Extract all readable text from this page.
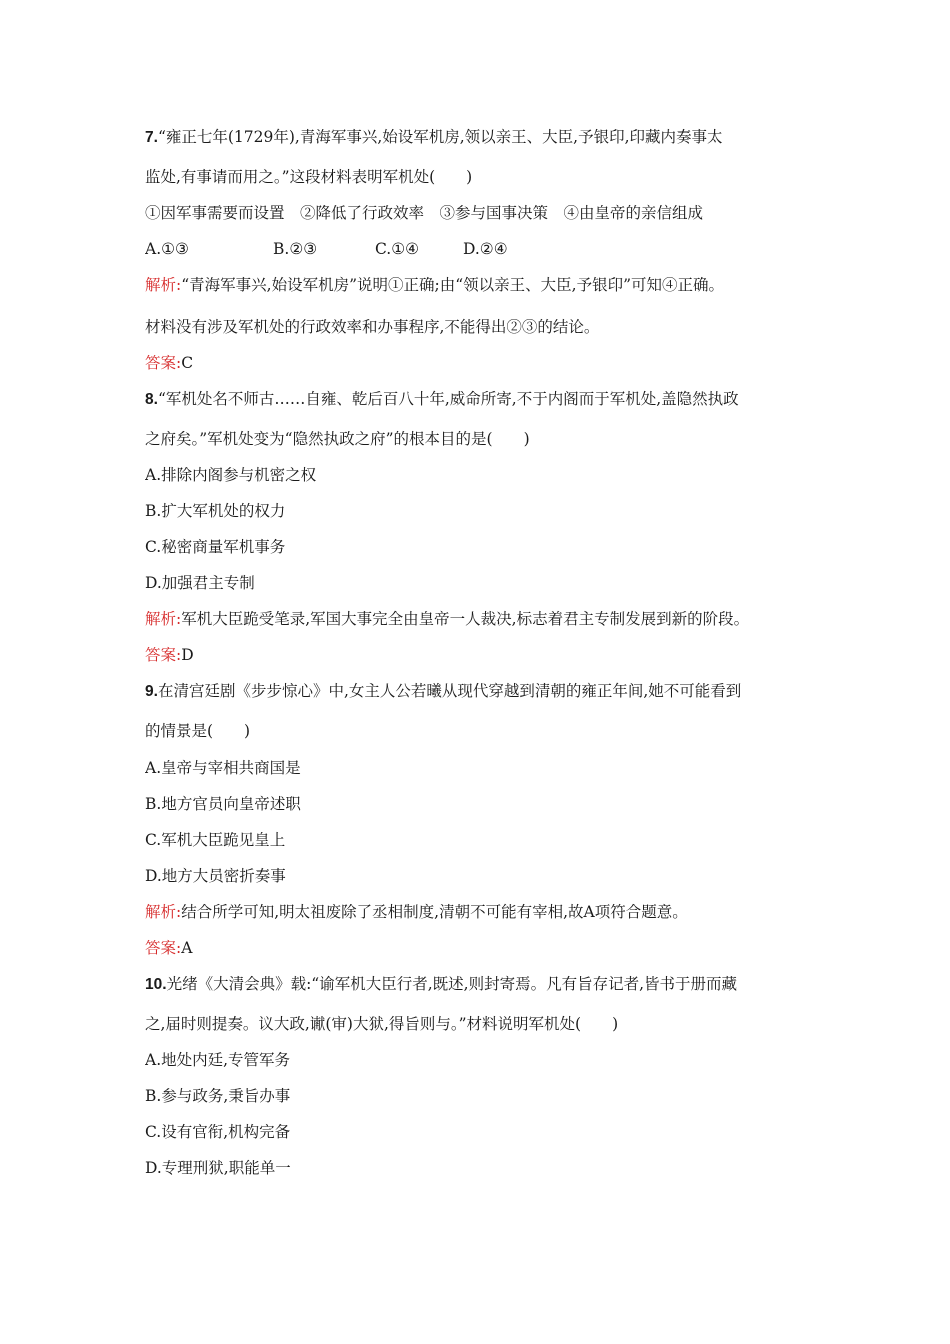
7.“雍正七年(1729年),青海军事兴,始设军机房,领以亲王、大臣,予银印,印藏内奏事太
监处,有事请而用之。”这段材料表明军机处(　　)
①因军事需要而设置　②降低了行政效率　③参与国事决策　④由皇帝的亲信组成
A.①③	B.②③	C.①④	D.②④
解析:“青海军事兴,始设军机房”说明①正确;由“领以亲王、大臣,予银印”可知④正确。
材料没有涉及军机处的行政效率和办事程序,不能得出②③的结论。
答案:C
8.“军机处名不师古……自雍、乾后百八十年,威命所寄,不于内阁而于军机处,盖隐然执政
之府矣。”军机处变为“隐然执政之府”的根本目的是(　　)
A.排除内阁参与机密之权
B.扩大军机处的权力
C.秘密商量军机事务
D.加强君主专制
解析:军机大臣跪受笔录,军国大事完全由皇帝一人裁决,标志着君主专制发展到新的阶段。
答案:D
9.在清宫廷剧《步步惊心》中,女主人公若曦从现代穿越到清朝的雍正年间,她不可能看到
的情景是(　　)
A.皇帝与宰相共商国是
B.地方官员向皇帝述职
C.军机大臣跪见皇上
D.地方大员密折奏事
解析:结合所学可知,明太祖废除了丞相制度,清朝不可能有宰相,故A项符合题意。
答案:A
10.光绪《大清会典》载:“谕军机大臣行者,既述,则封寄焉。凡有旨存记者,皆书于册而藏
之,届时则提奏。议大政,谳(审)大狱,得旨则与。”材料说明军机处(　　)
A.地处内廷,专管军务
B.参与政务,秉旨办事
C.设有官衔,机构完备
D.专理刑狱,职能单一
